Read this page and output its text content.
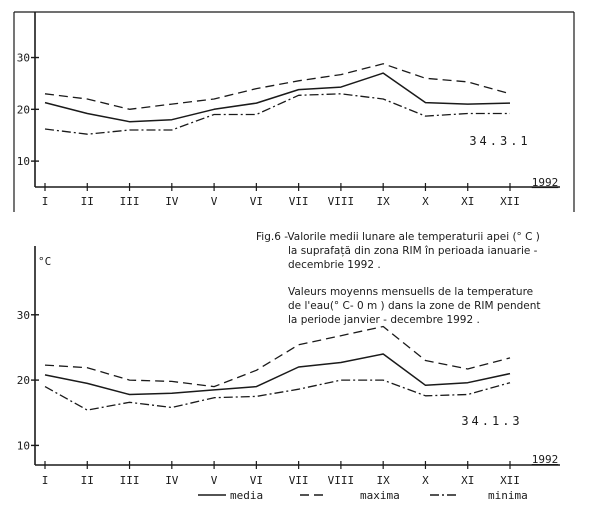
10
20
30
I	II III IV	V	VI VII VIII IX	X	XI XII
1992
34.3.1
10
20
30
I	II III IV	V	VI VII VIII IX	X	XI XII
1992
34.1.3
°C
media	maxima	minima

Fig.6 -Valorile medii lunare ale temperaturii apei (° C )

la suprafață din zona RIM în perioada ianuarie -

decembrie 1992 .

Valeurs moyenns mensuells de la temperature

de l'eau(° C- 0 m ) dans la zone de RIM pendent

la periode janvier - decembre 1992 .
